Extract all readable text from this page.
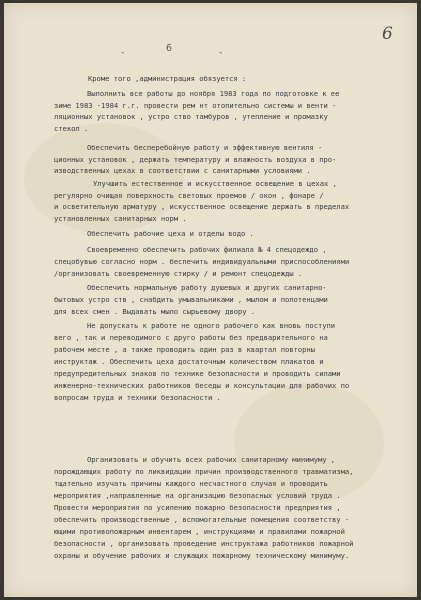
-	6	-
6
Кроме того ,администрация обязуется :
Выполнить все работы до ноября 1983 года по подготовке к ее
зиме 1983 -1984 г.г. провести рем нт отопительно системы и венти -
ляционных установок , устро ство тамбуров , утепление и промазку
стекол .
Обеспечить бесперебойную работу и эффективную вентиля -
ционных установок , держать температуру и влажность воздуха в про-
изводственных цехах в соответствии с санитарными условиями .
Улучшить естественное и искусственное освещение в цехах ,
регулярно очищая поверхность световых проемов / окон , фонаре /
и осветительную арматуру , искусственное освещение держать в пределах
установленных санитарных норм .
Обеспечить рабочие цеха и отделы водо .
Своевременно обеспечить рабочих филиала № 4 спецодеждо ,
спецобувью согласно норм . беспечить индивидуальными приспособлениями
/организовать своевременную стирку / и ремонт спецодежды .
Обеспечить нормальную работу душевых и других санитарно-
бытовых устро ств , снабдить умывальниками , мылом и полотенцами
для всех смен . Выдавать мыло сырьевому двору .
Не допускать к работе не одного рабочего как вновь поступи
вего , так и переводимого с друго работы без предварительного на
рабочем месте , а также проводить один раз в квартал повторны
инструктаж . Обеспечить цеха достаточным количеством плакатов и
предупредительных знаков по технике безопасности и проводить силами
инженерно-технических работников беседы и консультации для рабочих по
вопросам труда и техники безопасности .
Организовать и обучить всех рабочих санитарному минимуму ,
порождающих работу по ликвидации причин производственного травматизма,
тщательно изучать причины каждого несчастного случая и проводить
мероприятия ,направленные на организацию безопасных условий труда .
Провести мероприятия по усилению пожарно безопасности предприятия ,
обеспечить производственные , вспомогательные помещения соответству -
ющими противопожарным инвентарем , инструкциями и правилами пожарной
безопасности , организовать проведение инструктажа работников пожарной
охраны и обучение рабочих и служащих пожарному техническому минимуму.
